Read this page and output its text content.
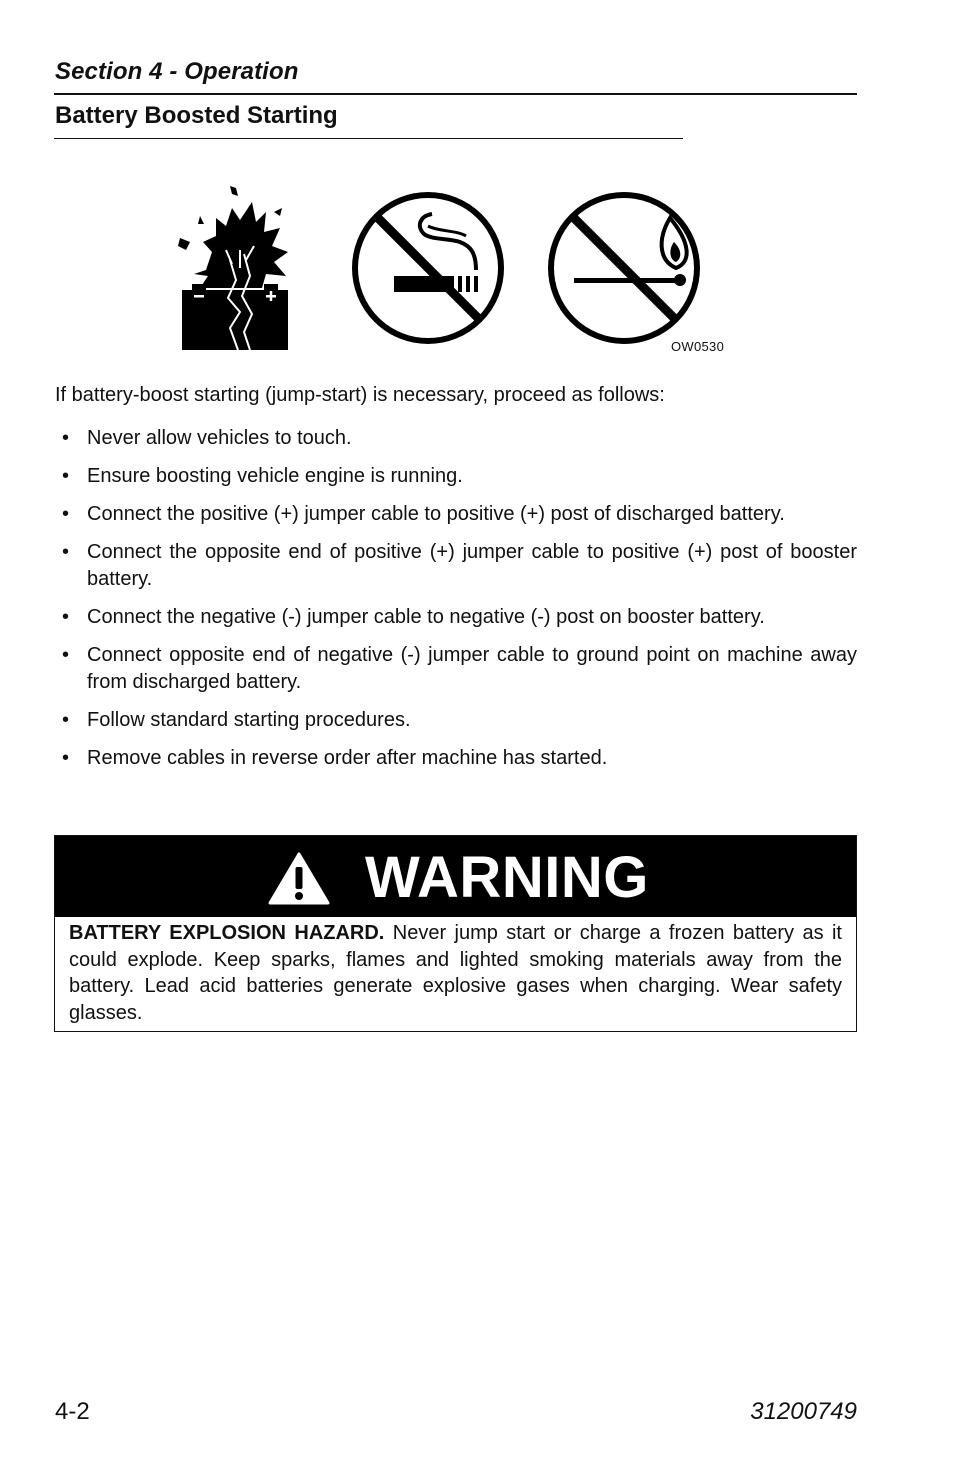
Section 4 - Operation
Battery Boosted Starting
OW0530
If battery-boost starting (jump-start) is necessary, proceed as follows:
• Never allow vehicles to touch.
• Ensure boosting vehicle engine is running.
• Connect the positive (+) jumper cable to positive (+) post of discharged battery.
• Connect the opposite end of positive (+) jumper cable to positive (+) post of booster battery.
• Connect the negative (-) jumper cable to negative (-) post on booster battery.
• Connect opposite end of negative (-) jumper cable to ground point on machine away from discharged battery.
• Follow standard starting procedures.
• Remove cables in reverse order after machine has started.
WARNING
BATTERY EXPLOSION HAZARD. Never jump start or charge a frozen battery as it could explode. Keep sparks, flames and lighted smoking materials away from the battery. Lead acid batteries generate explosive gases when charging. Wear safety glasses.
4-2	31200749
